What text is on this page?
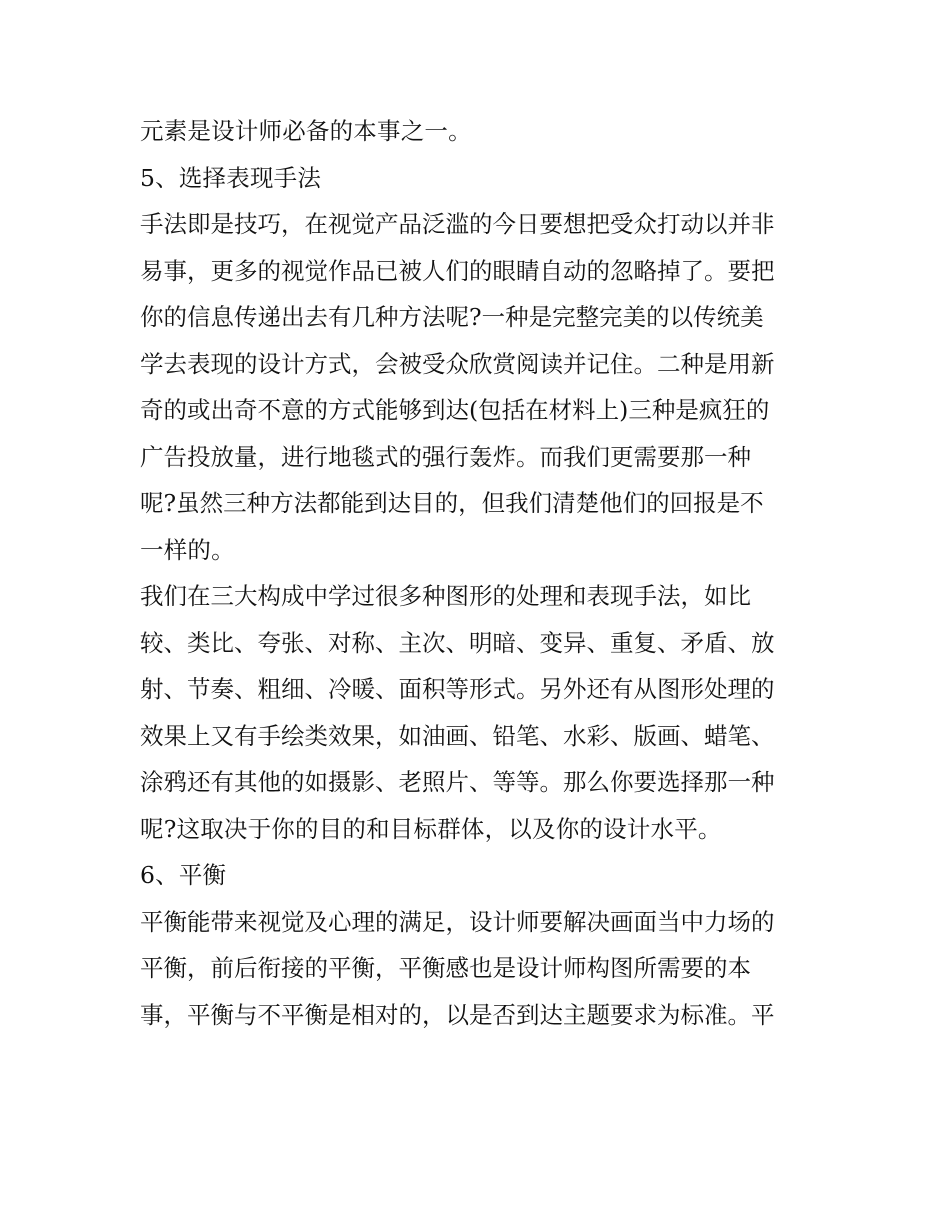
元素是设计师必备的本事之一。
5、选择表现手法
手法即是技巧，在视觉产品泛滥的今日要想把受众打动以并非
易事，更多的视觉作品已被人们的眼睛自动的忽略掉了。要把
你的信息传递出去有几种方法呢?一种是完整完美的以传统美
学去表现的设计方式，会被受众欣赏阅读并记住。二种是用新
奇的或出奇不意的方式能够到达(包括在材料上)三种是疯狂的
广告投放量，进行地毯式的强行轰炸。而我们更需要那一种
呢?虽然三种方法都能到达目的，但我们清楚他们的回报是不
一样的。
我们在三大构成中学过很多种图形的处理和表现手法，如比
较、类比、夸张、对称、主次、明暗、变异、重复、矛盾、放
射、节奏、粗细、冷暖、面积等形式。另外还有从图形处理的
效果上又有手绘类效果，如油画、铅笔、水彩、版画、蜡笔、
涂鸦还有其他的如摄影、老照片、等等。那么你要选择那一种
呢?这取决于你的目的和目标群体，以及你的设计水平。
6、平衡
平衡能带来视觉及心理的满足，设计师要解决画面当中力场的
平衡，前后衔接的平衡，平衡感也是设计师构图所需要的本
事，平衡与不平衡是相对的，以是否到达主题要求为标准。平
